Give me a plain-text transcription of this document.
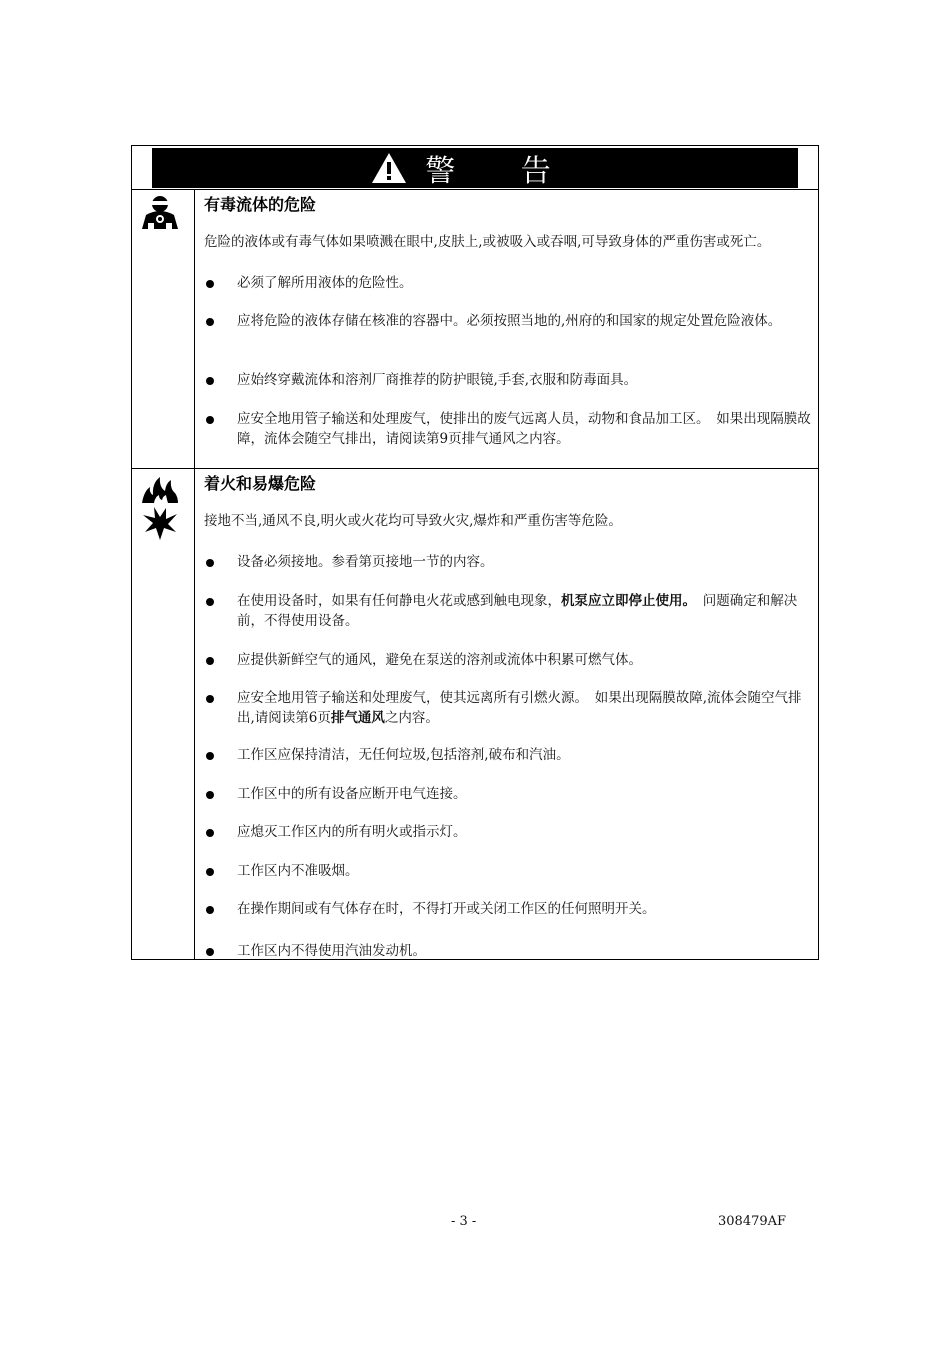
警 告
有毒流体的危险
危险的液体或有毒气体如果喷溅在眼中,皮肤上,或被吸入或吞咽,可导致身体的严重伤害或死亡。
必须了解所用液体的危险性。
应将危险的液体存储在核准的容器中。必须按照当地的,州府的和国家的规定处置危险液体。
应始终穿戴流体和溶剂厂商推荐的防护眼镜,手套,衣服和防毒面具。
应安全地用管子输送和处理废气，使排出的废气远离人员，动物和食品加工区。　如果出现隔膜故障，流体会随空气排出，请阅读第9页排气通风之内容。
着火和易爆危险
接地不当,通风不良,明火或火花均可导致火灾,爆炸和严重伤害等危险。
设备必须接地。参看第页接地一节的内容。
在使用设备时，如果有任何静电火花或感到触电现象，机泵应立即停止使用。　问题确定和解决前，不得使用设备。
应提供新鲜空气的通风，避免在泵送的溶剂或流体中积累可燃气体。
应安全地用管子输送和处理废气，使其远离所有引燃火源。　如果出现隔膜故障,流体会随空气排出,请阅读第6页排气通风之内容。
工作区应保持清洁，无任何垃圾,包括溶剂,破布和汽油。
工作区中的所有设备应断开电气连接。
应熄灭工作区内的所有明火或指示灯。
工作区内不准吸烟。
在操作期间或有气体存在时，不得打开或关闭工作区的任何照明开关。
工作区内不得使用汽油发动机。
- 3 -	308479AF
